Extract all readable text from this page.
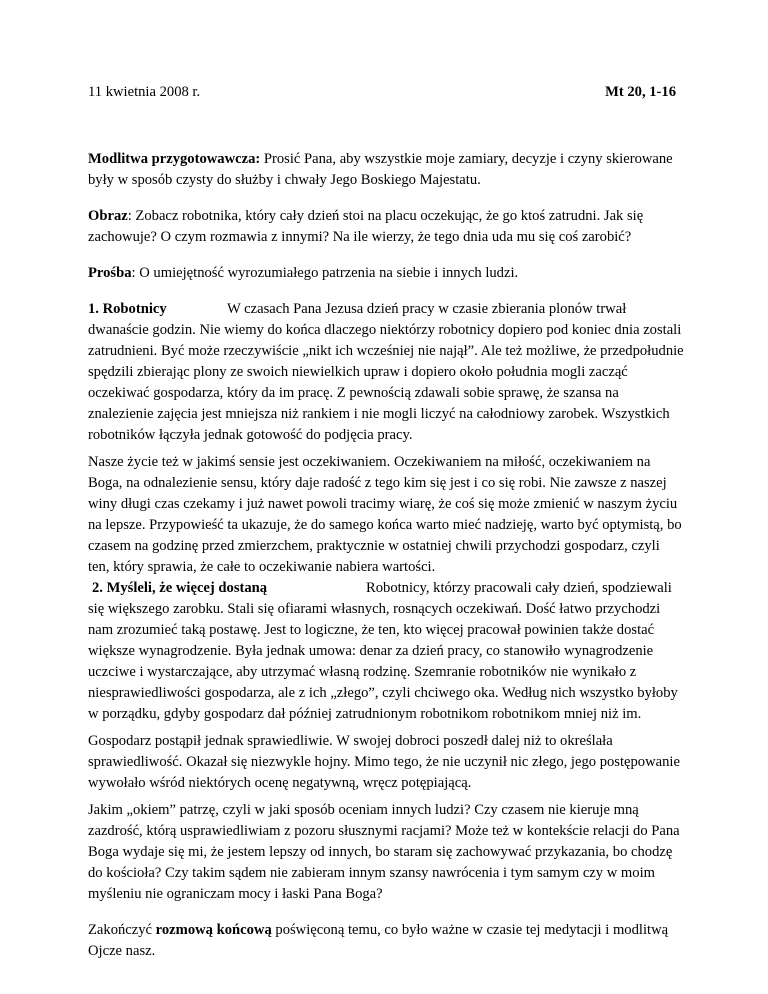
11 kwietnia 2008 r.	Mt 20, 1-16

Modlitwa przygotowawcza: Prosić Pana, aby wszystkie moje zamiary, decyzje i czyny skierowane były w sposób czysty do służby i chwały Jego Boskiego Majestatu.

Obraz: Zobacz robotnika, który cały dzień stoi na placu oczekując, że go ktoś zatrudni. Jak się zachowuje? O czym rozmawia z innymi? Na ile wierzy, że tego dnia uda mu się coś zarobić?

Prośba: O umiejętność wyrozumiałego patrzenia na siebie i innych ludzi.

1. Robotnicy	W czasach Pana Jezusa dzień pracy w czasie zbierania plonów trwał dwanaście godzin. Nie wiemy do końca dlaczego niektórzy robotnicy dopiero pod koniec dnia zostali zatrudnieni. Być może rzeczywiście „nikt ich wcześniej nie najął”. Ale też możliwe, że przedpołudnie spędzili zbierając plony ze swoich niewielkich upraw i dopiero około południa mogli zacząć oczekiwać gospodarza, który da im pracę. Z pewnością zdawali sobie sprawę, że szansa na znalezienie zajęcia jest mniejsza niż rankiem i nie mogli liczyć na całodniowy zarobek. Wszystkich robotników łączyła jednak gotowość do podjęcia pracy.

Nasze życie też w jakimś sensie jest oczekiwaniem. Oczekiwaniem na miłość, oczekiwaniem na Boga, na odnalezienie sensu, który daje radość z tego kim się jest i co się robi. Nie zawsze z naszej winy długi czas czekamy i już nawet powoli tracimy wiarę, że coś się może zmienić w naszym życiu na lepsze. Przypowieść ta ukazuje, że do samego końca warto mieć nadzieję, warto być optymistą, bo czasem na godzinę przed zmierzchem, praktycznie w ostatniej chwili przychodzi gospodarz, czyli ten, który sprawia, że całe to oczekiwanie nabiera wartości.

2. Myśleli, że więcej dostaną	Robotnicy, którzy pracowali cały dzień, spodziewali się większego zarobku. Stali się ofiarami własnych, rosnących oczekiwań. Dość łatwo przychodzi nam zrozumieć taką postawę. Jest to logiczne, że ten, kto więcej pracował powinien także dostać większe wynagrodzenie. Była jednak umowa: denar za dzień pracy, co stanowiło wynagrodzenie uczciwe i wystarczające, aby utrzymać własną rodzinę. Szemranie robotników nie wynikało z niesprawiedliwości gospodarza, ale z ich „złego”, czyli chciwego oka. Według nich wszystko byłoby w porządku, gdyby gospodarz dał później zatrudnionym robotnikom robotnikom mniej niż im.

Gospodarz postąpił jednak sprawiedliwie. W swojej dobroci poszedł dalej niż to określała sprawiedliwość. Okazał się niezwykle hojny. Mimo tego, że nie uczynił nic złego, jego postępowanie wywołało wśród niektórych ocenę negatywną, wręcz potępiającą.

Jakim „okiem” patrzę, czyli w jaki sposób oceniam innych ludzi? Czy czasem nie kieruje mną zazdrość, którą usprawiedliwiam z pozoru słusznymi racjami? Może też w kontekście relacji do Pana Boga wydaje się mi, że jestem lepszy od innych, bo staram się zachowywać przykazania, bo chodzę do kościoła? Czy takim sądem nie zabieram innym szansy nawrócenia i tym samym czy w moim myśleniu nie ograniczam mocy i łaski Pana Boga?

Zakończyć rozmową końcową poświęconą temu, co było ważne w czasie tej medytacji i modlitwą Ojcze nasz.
